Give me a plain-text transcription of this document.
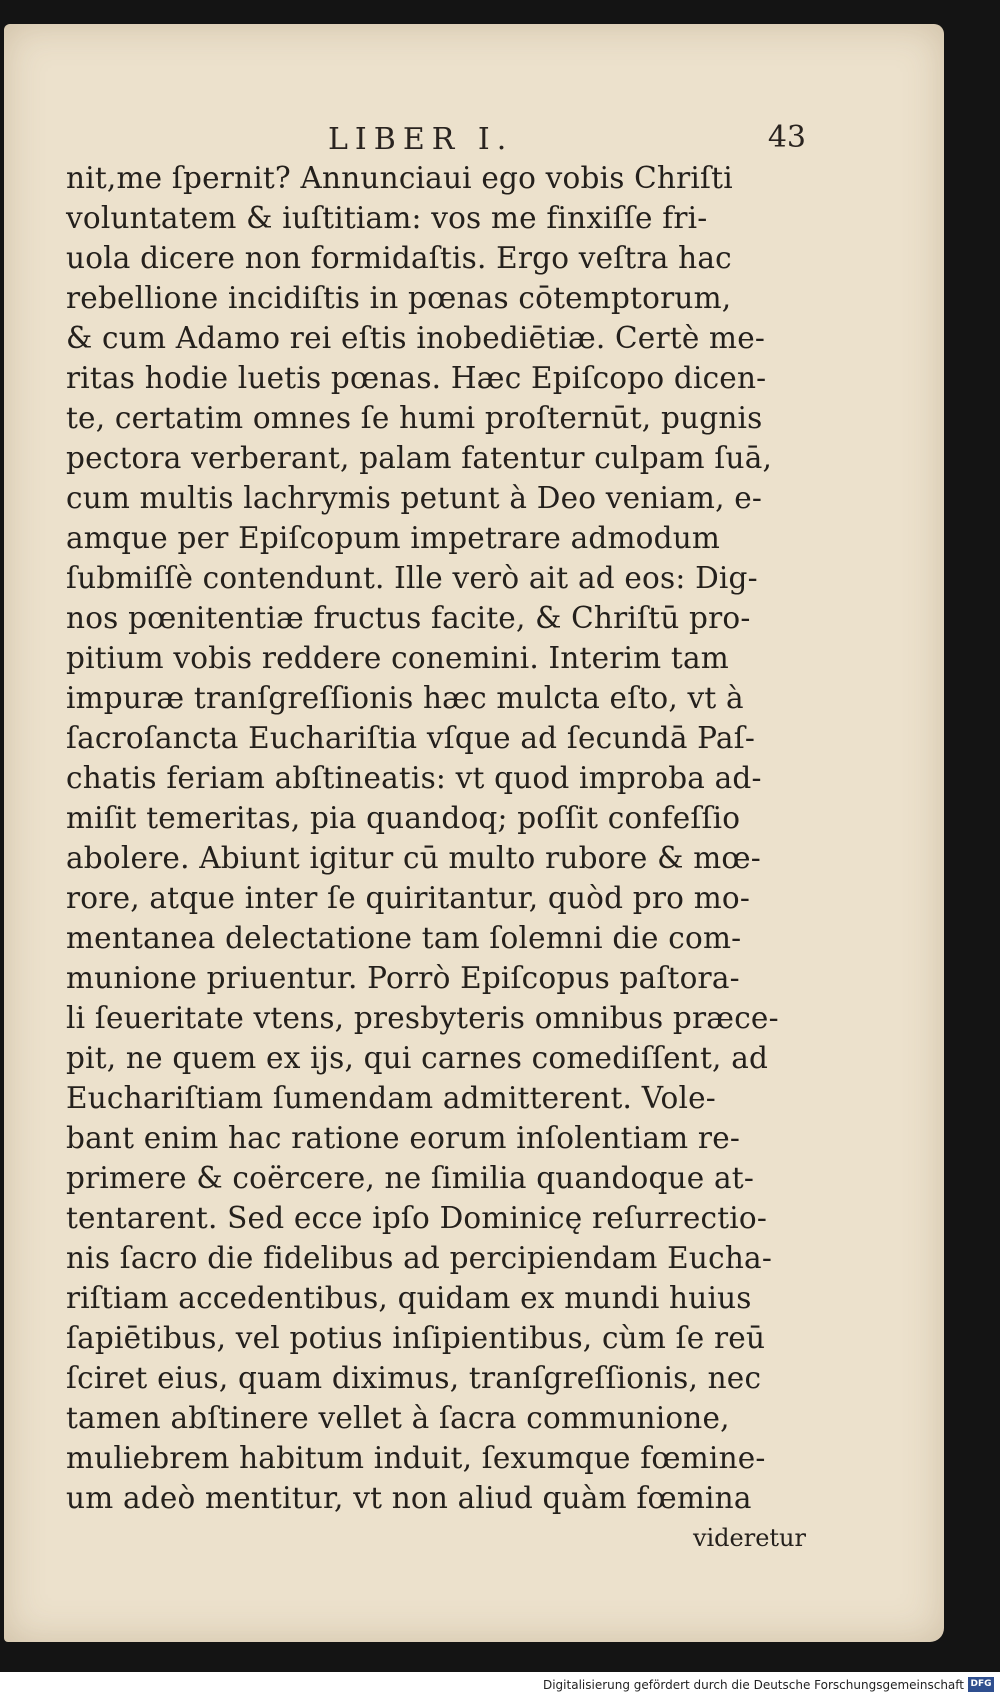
LIBER I.	43
nit,me ſpernit? Annunciaui ego vobis Chriſti
voluntatem & iuſtitiam: vos me finxiſſe fri-
uola dicere non formidaſtis. Ergo veſtra hac
rebellione incidiſtis in pœnas cōtemptorum,
& cum Adamo rei eſtis inobediētiæ. Certè me-
ritas hodie luetis pœnas. Hæc Epiſcopo dicen-
te, certatim omnes ſe humi proſternūt, pugnis
pectora verberant, palam fatentur culpam ſuā,
cum multis lachrymis petunt à Deo veniam, e-
amque per Epiſcopum impetrare admodum
ſubmiſſè contendunt. Ille verò ait ad eos: Dig-
nos pœnitentiæ fructus facite, & Chriſtū pro-
pitium vobis reddere conemini. Interim tam
impuræ tranſgreſſionis hæc mulcta eſto, vt à
ſacroſancta Euchariſtia vſque ad ſecundā Paſ-
chatis feriam abſtineatis: vt quod improba ad-
miſit temeritas, pia quandoq; poſſit confeſſio
abolere. Abiunt igitur cū multo rubore & mœ-
rore, atque inter ſe quiritantur, quòd pro mo-
mentanea delectatione tam ſolemni die com-
munione priuentur. Porrò Epiſcopus paſtora-
li ſeueritate vtens, presbyteris omnibus præce-
pit, ne quem ex ijs, qui carnes comediſſent, ad
Euchariſtiam ſumendam admitterent. Vole-
bant enim hac ratione eorum inſolentiam re-
primere & coërcere, ne ſimilia quandoque at-
tentarent. Sed ecce ipſo Dominicę reſurrectio-
nis ſacro die fidelibus ad percipiendam Eucha-
riſtiam accedentibus, quidam ex mundi huius
ſapiētibus, vel potius inſipientibus, cùm ſe reū
ſciret eius, quam diximus, tranſgreſſionis, nec
tamen abſtinere vellet à ſacra communione,
muliebrem habitum induit, ſexumque fœmine-
um adeò mentitur, vt non aliud quàm fœmina
videretur
Digitalisierung gefördert durch die Deutsche Forschungsgemeinschaft DFG
